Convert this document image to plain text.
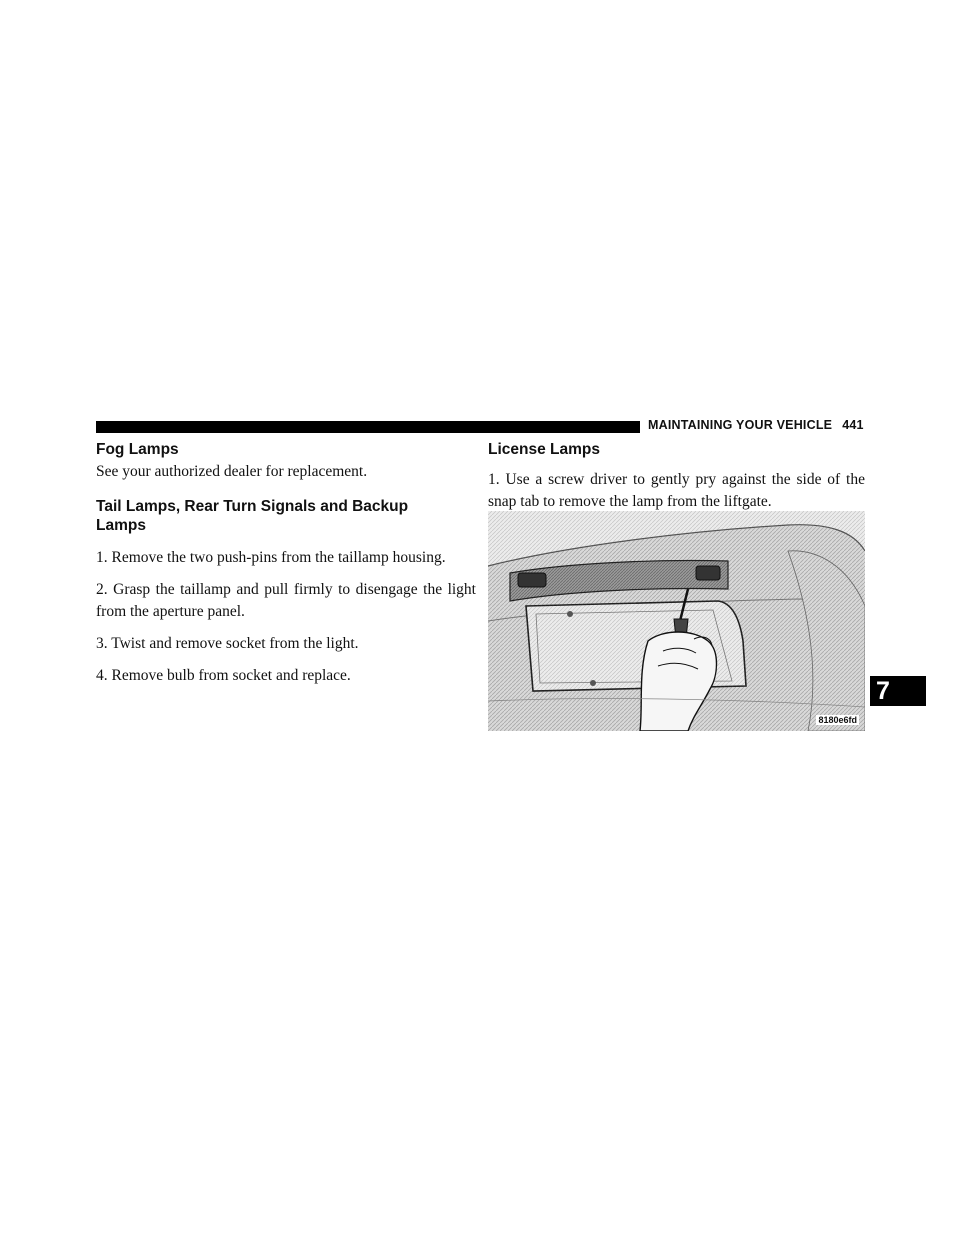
MAINTAINING YOUR VEHICLE 441
Fog Lamps

See your authorized dealer for replacement.

Tail Lamps, Rear Turn Signals and Backup
Lamps

1. Remove the two push-pins from the taillamp housing.

2. Grasp the taillamp and pull firmly to disengage the light from the aperture panel.

3. Twist and remove socket from the light.

4. Remove bulb from socket and replace.

License Lamps

1. Use a screw driver to gently pry against the side of the snap tab to remove the lamp from the liftgate.

8180e6fd
7
